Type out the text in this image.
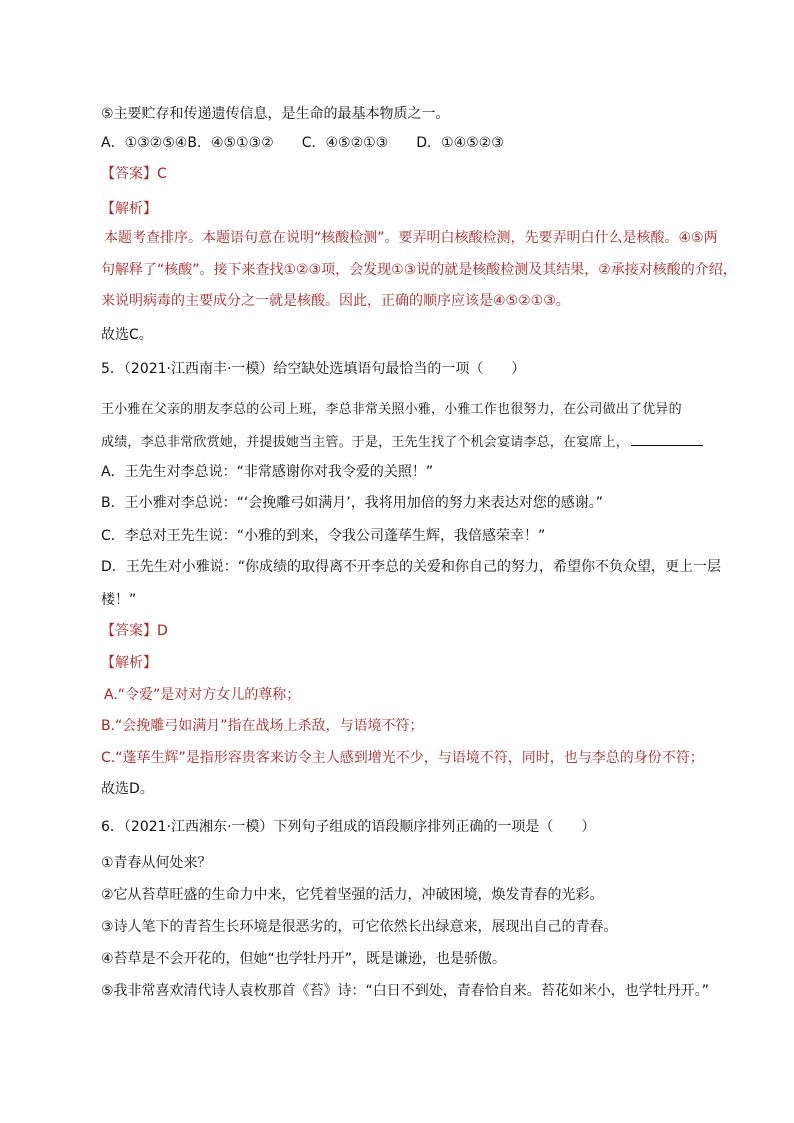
⑤主要贮存和传递遗传信息，是生命的最基本物质之一。
A．①③②⑤④B．④⑤①③② C．④⑤②①③ D．①④⑤②③
【答案】C
【解析】
本题考查排序。本题语句意在说明“核酸检测”。要弄明白核酸检测，先要弄明白什么是核酸。④⑤两
句解释了“核酸”。接下来查找①②③项，会发现①③说的就是核酸检测及其结果，②承接对核酸的介绍，
来说明病毒的主要成分之一就是核酸。因此，正确的顺序应该是④⑤②①③。
故选C。
5．（2021·江西南丰·一模）给空缺处选填语句最恰当的一项（　　）
王小雅在父亲的朋友李总的公司上班，李总非常关照小雅，小雅工作也很努力，在公司做出了优异的
成绩，李总非常欣赏她，并提拔她当主管。于是，王先生找了个机会宴请李总，在宴席上，
A．王先生对李总说：“非常感谢你对我令爱的关照！”
B．王小雅对李总说：“‘会挽雕弓如满月’，我将用加倍的努力来表达对您的感谢。”
C．李总对王先生说：“小雅的到来，令我公司蓬荜生辉，我倍感荣幸！”
D．王先生对小雅说：“你成绩的取得离不开李总的关爱和你自己的努力，希望你不负众望，更上一层
楼！”
【答案】D
【解析】
A.“令爱”是对对方女儿的尊称；
B.“会挽雕弓如满月”指在战场上杀敌，与语境不符；
C.“蓬荜生辉”是指形容贵客来访令主人感到增光不少，与语境不符，同时，也与李总的身份不符；
故选D。
6．（2021·江西湘东·一模）下列句子组成的语段顺序排列正确的一项是（　　）
①青春从何处来？
②它从苔草旺盛的生命力中来，它凭着坚强的活力，冲破困境，焕发青春的光彩。
③诗人笔下的青苔生长环境是很恶劣的，可它依然长出绿意来，展现出自己的青春。
④苔草是不会开花的，但她“也学牡丹开”，既是谦逊，也是骄傲。
⑤我非常喜欢清代诗人袁枚那首《苔》诗：“白日不到处，青春恰自来。苔花如米小，也学牡丹开。”
